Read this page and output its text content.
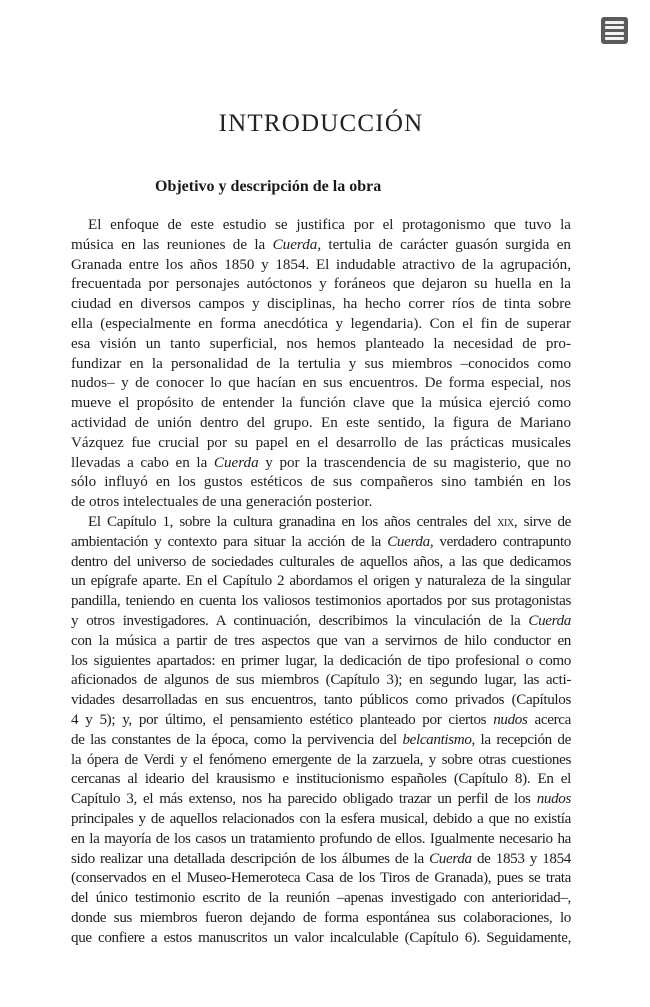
INTRODUCCIÓN
Objetivo y descripción de la obra
El enfoque de este estudio se justifica por el protagonismo que tuvo la
música en las reuniones de la Cuerda, tertulia de carácter guasón surgida en
Granada entre los años 1850 y 1854. El indudable atractivo de la agrupación,
frecuentada por personajes autóctonos y foráneos que dejaron su huella en la
ciudad en diversos campos y disciplinas, ha hecho correr ríos de tinta sobre
ella (especialmente en forma anecdótica y legendaria). Con el fin de superar
esa visión un tanto superficial, nos hemos planteado la necesidad de pro-
fundizar en la personalidad de la tertulia y sus miembros –conocidos como
nudos– y de conocer lo que hacían en sus encuentros. De forma especial, nos
mueve el propósito de entender la función clave que la música ejerció como
actividad de unión dentro del grupo. En este sentido, la figura de Mariano
Vázquez fue crucial por su papel en el desarrollo de las prácticas musicales
llevadas a cabo en la Cuerda y por la trascendencia de su magisterio, que no
sólo influyó en los gustos estéticos de sus compañeros sino también en los
de otros intelectuales de una generación posterior.
El Capítulo 1, sobre la cultura granadina en los años centrales del xix, sirve de
ambientación y contexto para situar la acción de la Cuerda, verdadero contrapunto
dentro del universo de sociedades culturales de aquellos años, a las que dedicamos
un epígrafe aparte. En el Capítulo 2 abordamos el origen y naturaleza de la singular
pandilla, teniendo en cuenta los valiosos testimonios aportados por sus protagonistas
y otros investigadores. A continuación, describimos la vinculación de la Cuerda
con la música a partir de tres aspectos que van a servirnos de hilo conductor en
los siguientes apartados: en primer lugar, la dedicación de tipo profesional o como
aficionados de algunos de sus miembros (Capítulo 3); en segundo lugar, las acti-
vidades desarrolladas en sus encuentros, tanto públicos como privados (Capítulos
4 y 5); y, por último, el pensamiento estético planteado por ciertos nudos acerca
de las constantes de la época, como la pervivencia del belcantismo, la recepción de
la ópera de Verdi y el fenómeno emergente de la zarzuela, y sobre otras cuestiones
cercanas al ideario del krausismo e institucionismo españoles (Capítulo 8). En el
Capítulo 3, el más extenso, nos ha parecido obligado trazar un perfil de los nudos
principales y de aquellos relacionados con la esfera musical, debido a que no existía
en la mayoría de los casos un tratamiento profundo de ellos. Igualmente necesario ha
sido realizar una detallada descripción de los álbumes de la Cuerda de 1853 y 1854
(conservados en el Museo-Hemeroteca Casa de los Tiros de Granada), pues se trata
del único testimonio escrito de la reunión –apenas investigado con anterioridad–,
donde sus miembros fueron dejando de forma espontánea sus colaboraciones, lo
que confiere a estos manuscritos un valor incalculable (Capítulo 6). Seguidamente,
